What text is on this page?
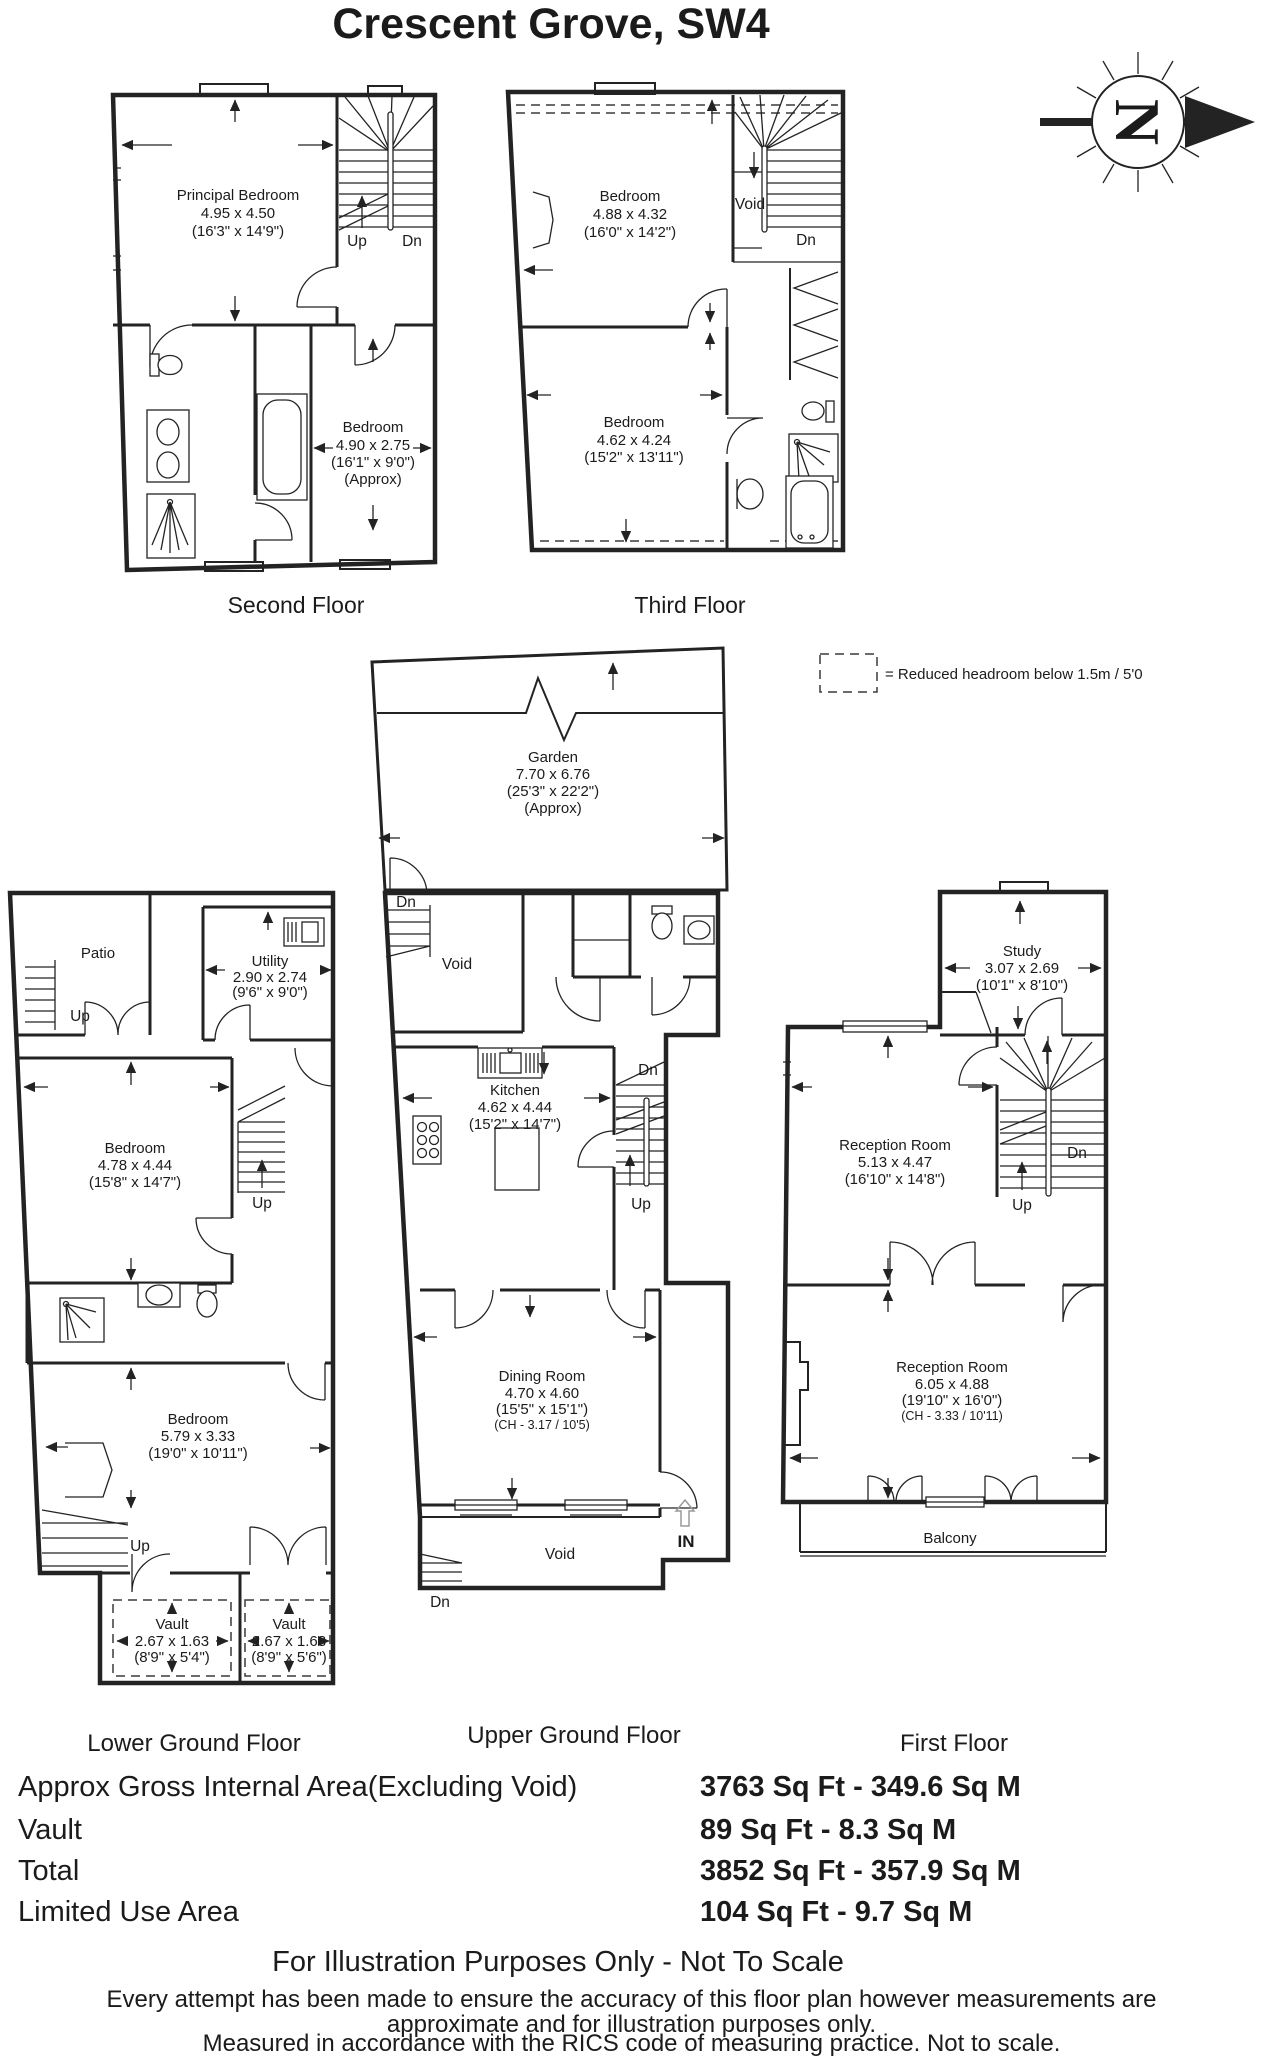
Principal Bedroom
4.95 x 4.50
(16'3" x 14'9")
Bedroom
4.90 x 2.75
(16'1" x 9'0")
(Approx)
Up Dn
Bedroom
4.88 x 4.32
(16'0" x 14'2")
Bedroom
4.62 x 4.24
(15'2" x 13'11")
Void
Dn
Garden
7.70 x 6.76
(25'3" x 22'2")
(Approx)
Dn
Patio
Up
Utility
2.90 x 2.74
(9'6" x 9'0")
Bedroom
4.78 x 4.44
(15'8" x 14'7")
Up
Bedroom
5.79 x 3.33
(19'0" x 10'11")
Up
Vault
2.67 x 1.63
(8'9" x 5'4")
Vault
2.67 x 1.68
(8'9" x 5'6")
Void
Kitchen
4.62 x 4.44
(15'2" x 14'7")
Dn
Up
Dining Room
4.70 x 4.60
(15'5" x 15'1")
(CH - 3.17 / 10'5)
Void
Dn
IN
Study
3.07 x 2.69
(10'1" x 8'10")
Reception Room
5.13 x 4.47
(16'10" x 14'8")
Reception Room
6.05 x 4.88
(19'10" x 16'0")
(CH - 3.33 / 10'11)
Balcony
Up
Dn
N
= Reduced headroom below 1.5m / 5'0
Crescent Grove, SW4
Second Floor	Third Floor
Lower Ground Floor	Upper Ground Floor	First Floor
Approx Gross Internal Area(Excluding Void)	3763 Sq Ft - 349.6 Sq M
Vault	89 Sq Ft - 8.3 Sq M
Total	3852 Sq Ft - 357.9 Sq M
Limited Use Area	104 Sq Ft - 9.7 Sq M
For Illustration Purposes Only - Not To Scale
Every attempt has been made to ensure the accuracy of this floor plan however measurements are
approximate and for illustration purposes only.
Measured in accordance with the RICS code of measuring practice. Not to scale.
